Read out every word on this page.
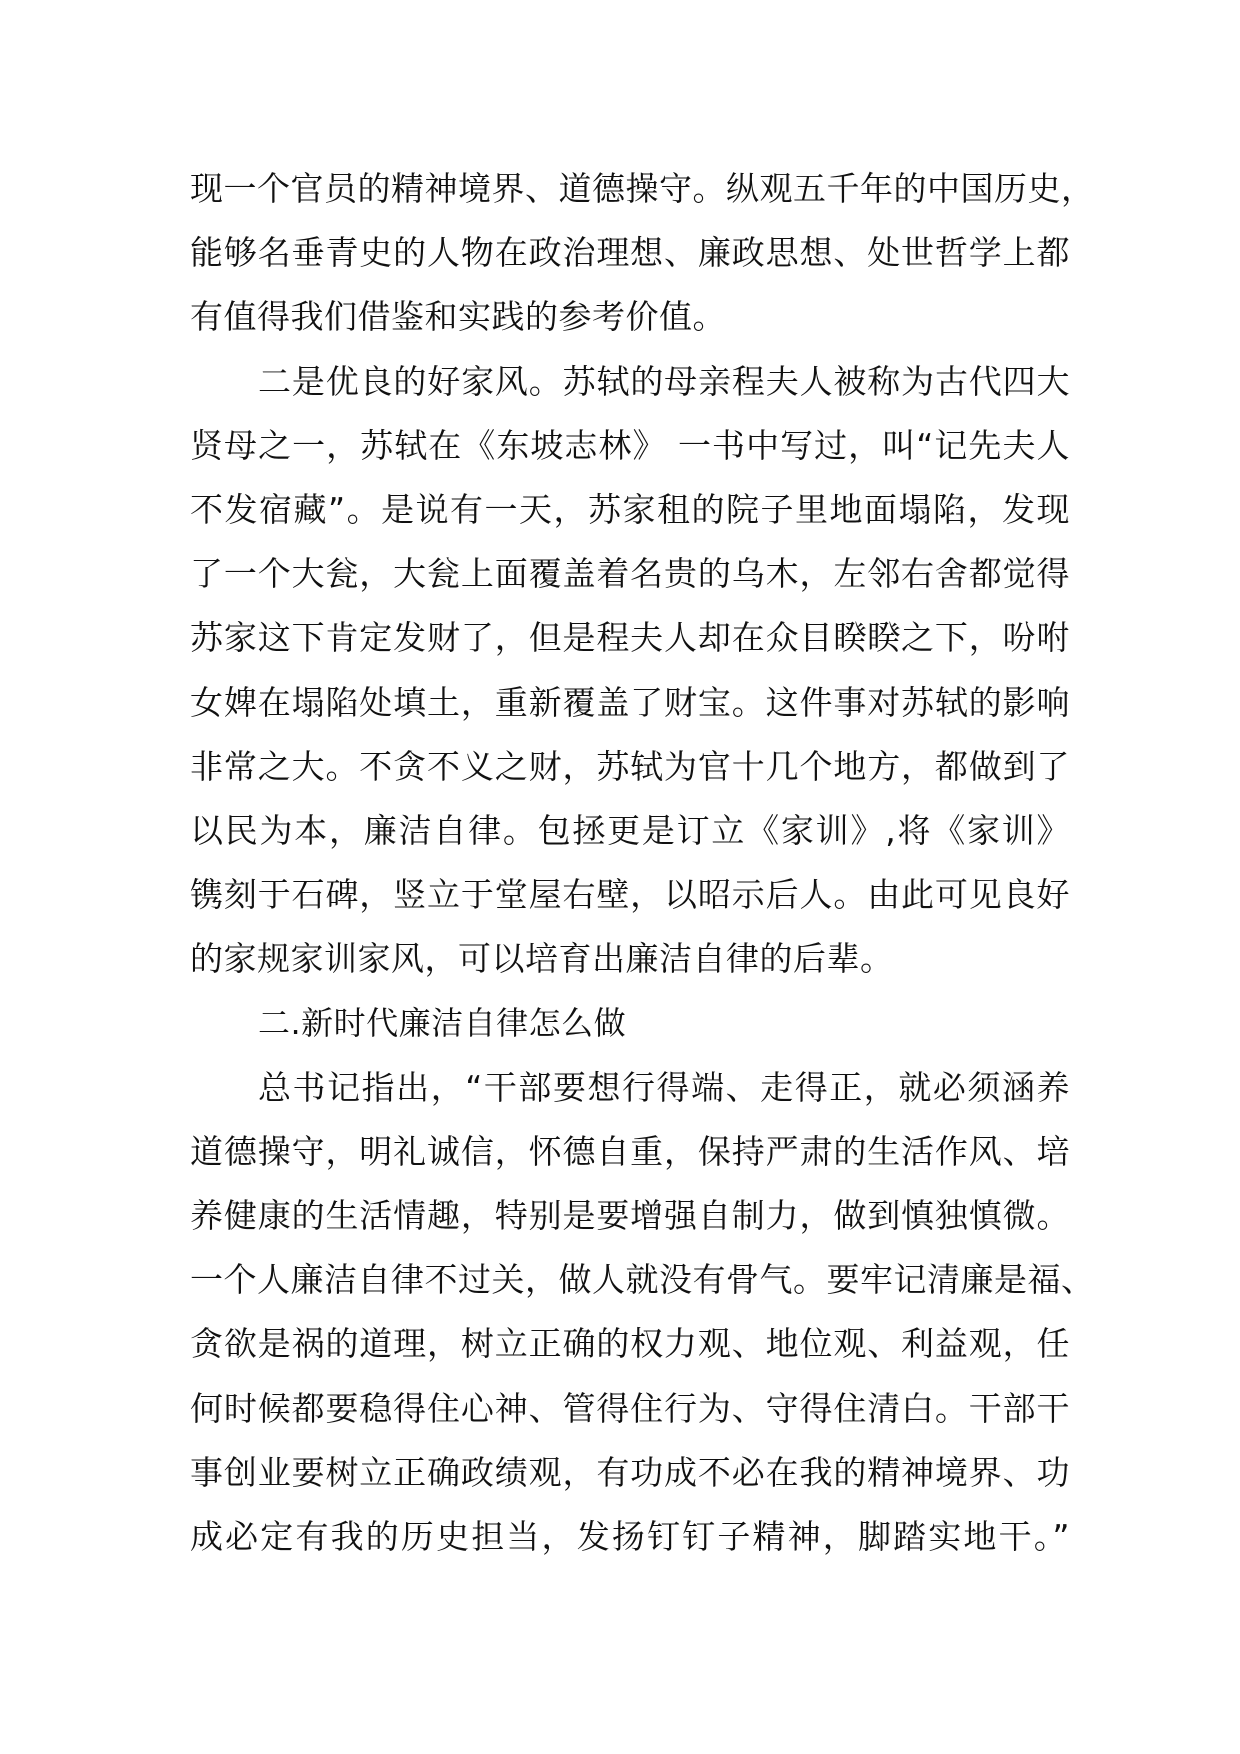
现一个官员的精神境界、道德操守。纵观五千年的中国历史，
能够名垂青史的人物在政治理想、廉政思想、处世哲学上都
有值得我们借鉴和实践的参考价值。
二是优良的好家风。苏轼的母亲程夫人被称为古代四大
贤母之一，苏轼在《东坡志林》 一书中写过，叫“记先夫人
不发宿藏”。是说有一天，苏家租的院子里地面塌陷，发现
了一个大瓮，大瓮上面覆盖着名贵的乌木，左邻右舍都觉得
苏家这下肯定发财了，但是程夫人却在众目睽睽之下，吩咐
女婢在塌陷处填土，重新覆盖了财宝。这件事对苏轼的影响
非常之大。不贪不义之财，苏轼为官十几个地方，都做到了
以民为本，廉洁自律。包拯更是订立《家训》,将《家训》
镌刻于石碑，竖立于堂屋右壁，以昭示后人。由此可见良好
的家规家训家风，可以培育出廉洁自律的后辈。
二.新时代廉洁自律怎么做
总书记指出，“干部要想行得端、走得正，就必须涵养
道德操守，明礼诚信，怀德自重，保持严肃的生活作风、培
养健康的生活情趣，特别是要增强自制力，做到慎独慎微。
一个人廉洁自律不过关，做人就没有骨气。要牢记清廉是福、
贪欲是祸的道理，树立正确的权力观、地位观、利益观，任
何时候都要稳得住心神、管得住行为、守得住清白。干部干
事创业要树立正确政绩观，有功成不必在我的精神境界、功
成必定有我的历史担当，发扬钉钉子精神，脚踏实地干。”
